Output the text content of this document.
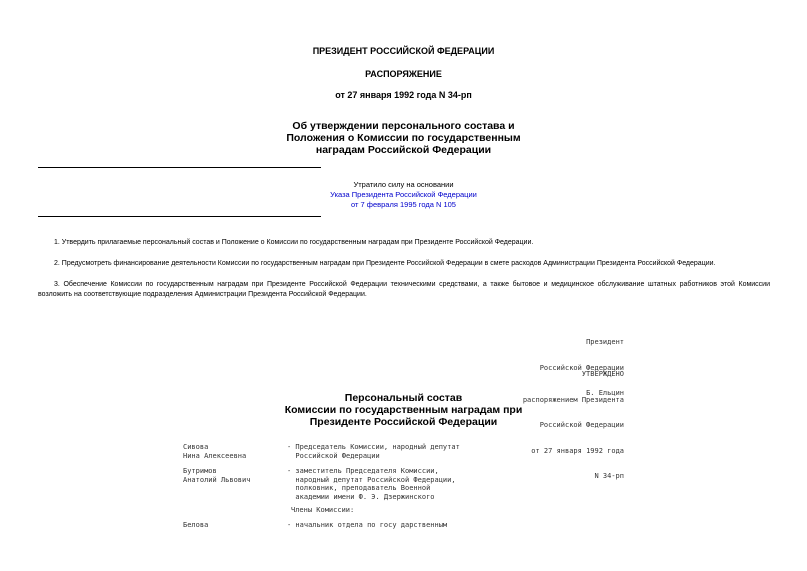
ПРЕЗИДЕНТ РОССИЙСКОЙ ФЕДЕРАЦИИ
РАСПОРЯЖЕНИЕ
от 27 января 1992 года N 34-рп
Об утверждении персонального состава и
Положения о Комиссии по государственным
наградам Российской Федерации
Утратило силу на основании
Указа Президента Российской Федерации
от 7 февраля 1995 года N 105
1. Утвердить прилагаемые персональный состав и Положение о Комиссии по государственным наградам при Президенте Российской Федерации.
2. Предусмотреть финансирование деятельности Комиссии по государственным наградам при Президенте Российской Федерации в смете расходов Администрации Президента Российской Федерации.
3. Обеспечение Комиссии по государственным наградам при Президенте Российской Федерации техническими средствами, а также бытовое и медицинское обслуживание штатных работников этой Комиссии возложить на соответствующие подразделения Администрации Президента Российской Федерации.

Президент

Российской Федерации

Б. Ельцин

УТВЕРЖДЕНО

распоряжением Президента

Российской Федерации

от 27 января 1992 года

N 34-рп

Персональный состав
Комиссии по государственным наградам при
Президенте Российской Федерации
Сивова
Нина Алексеевна
- Председатель Комиссии, народный депутат
Российской Федерации
Бутримов
Анатолий Львович
- заместитель Председателя Комиссии,
народный депутат Российской Федерации,
полковник, преподаватель Военной
академии имени Ф. Э. Дзержинского
Члены Комиссии:
Белова	- начальник отдела по госу дарственным
